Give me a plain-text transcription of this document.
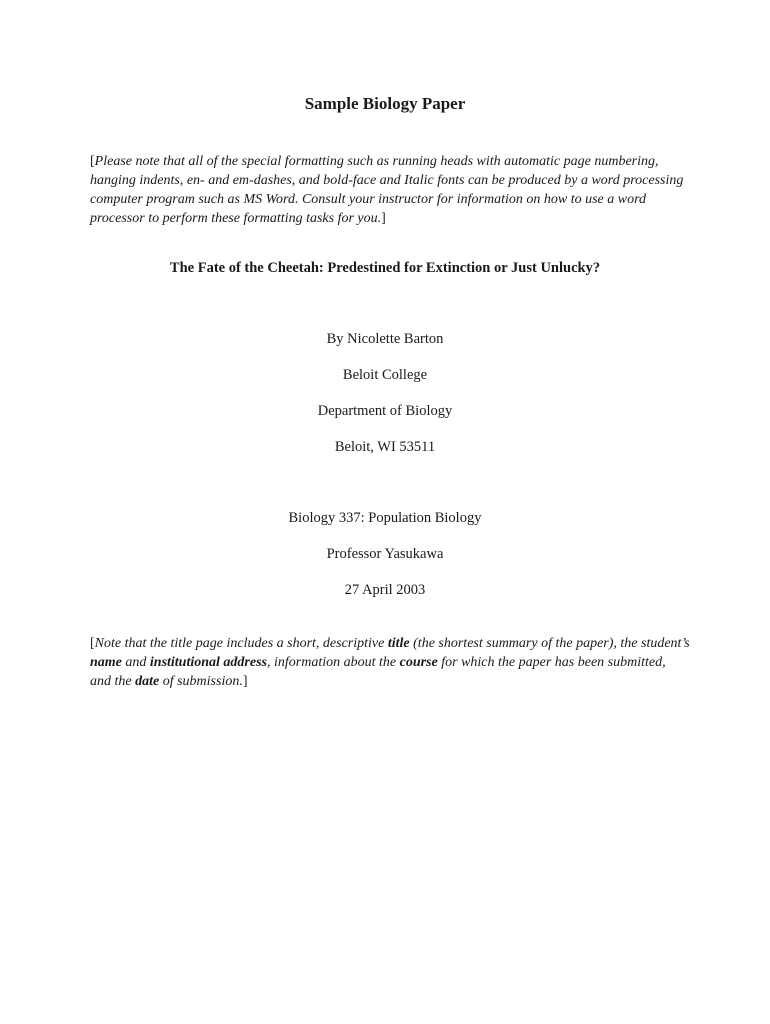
Sample Biology Paper
[Please note that all of the special formatting such as running heads with automatic page numbering, hanging indents, en- and em-dashes, and bold-face and Italic fonts can be produced by a word processing computer program such as MS Word. Consult your instructor for information on how to use a word processor to perform these formatting tasks for you.]
The Fate of the Cheetah: Predestined for Extinction or Just Unlucky?
By Nicolette Barton
Beloit College
Department of Biology
Beloit, WI 53511
Biology 337: Population Biology
Professor Yasukawa
27 April 2003
[Note that the title page includes a short, descriptive title (the shortest summary of the paper), the student’s name and institutional address, information about the course for which the paper has been submitted, and the date of submission.]
